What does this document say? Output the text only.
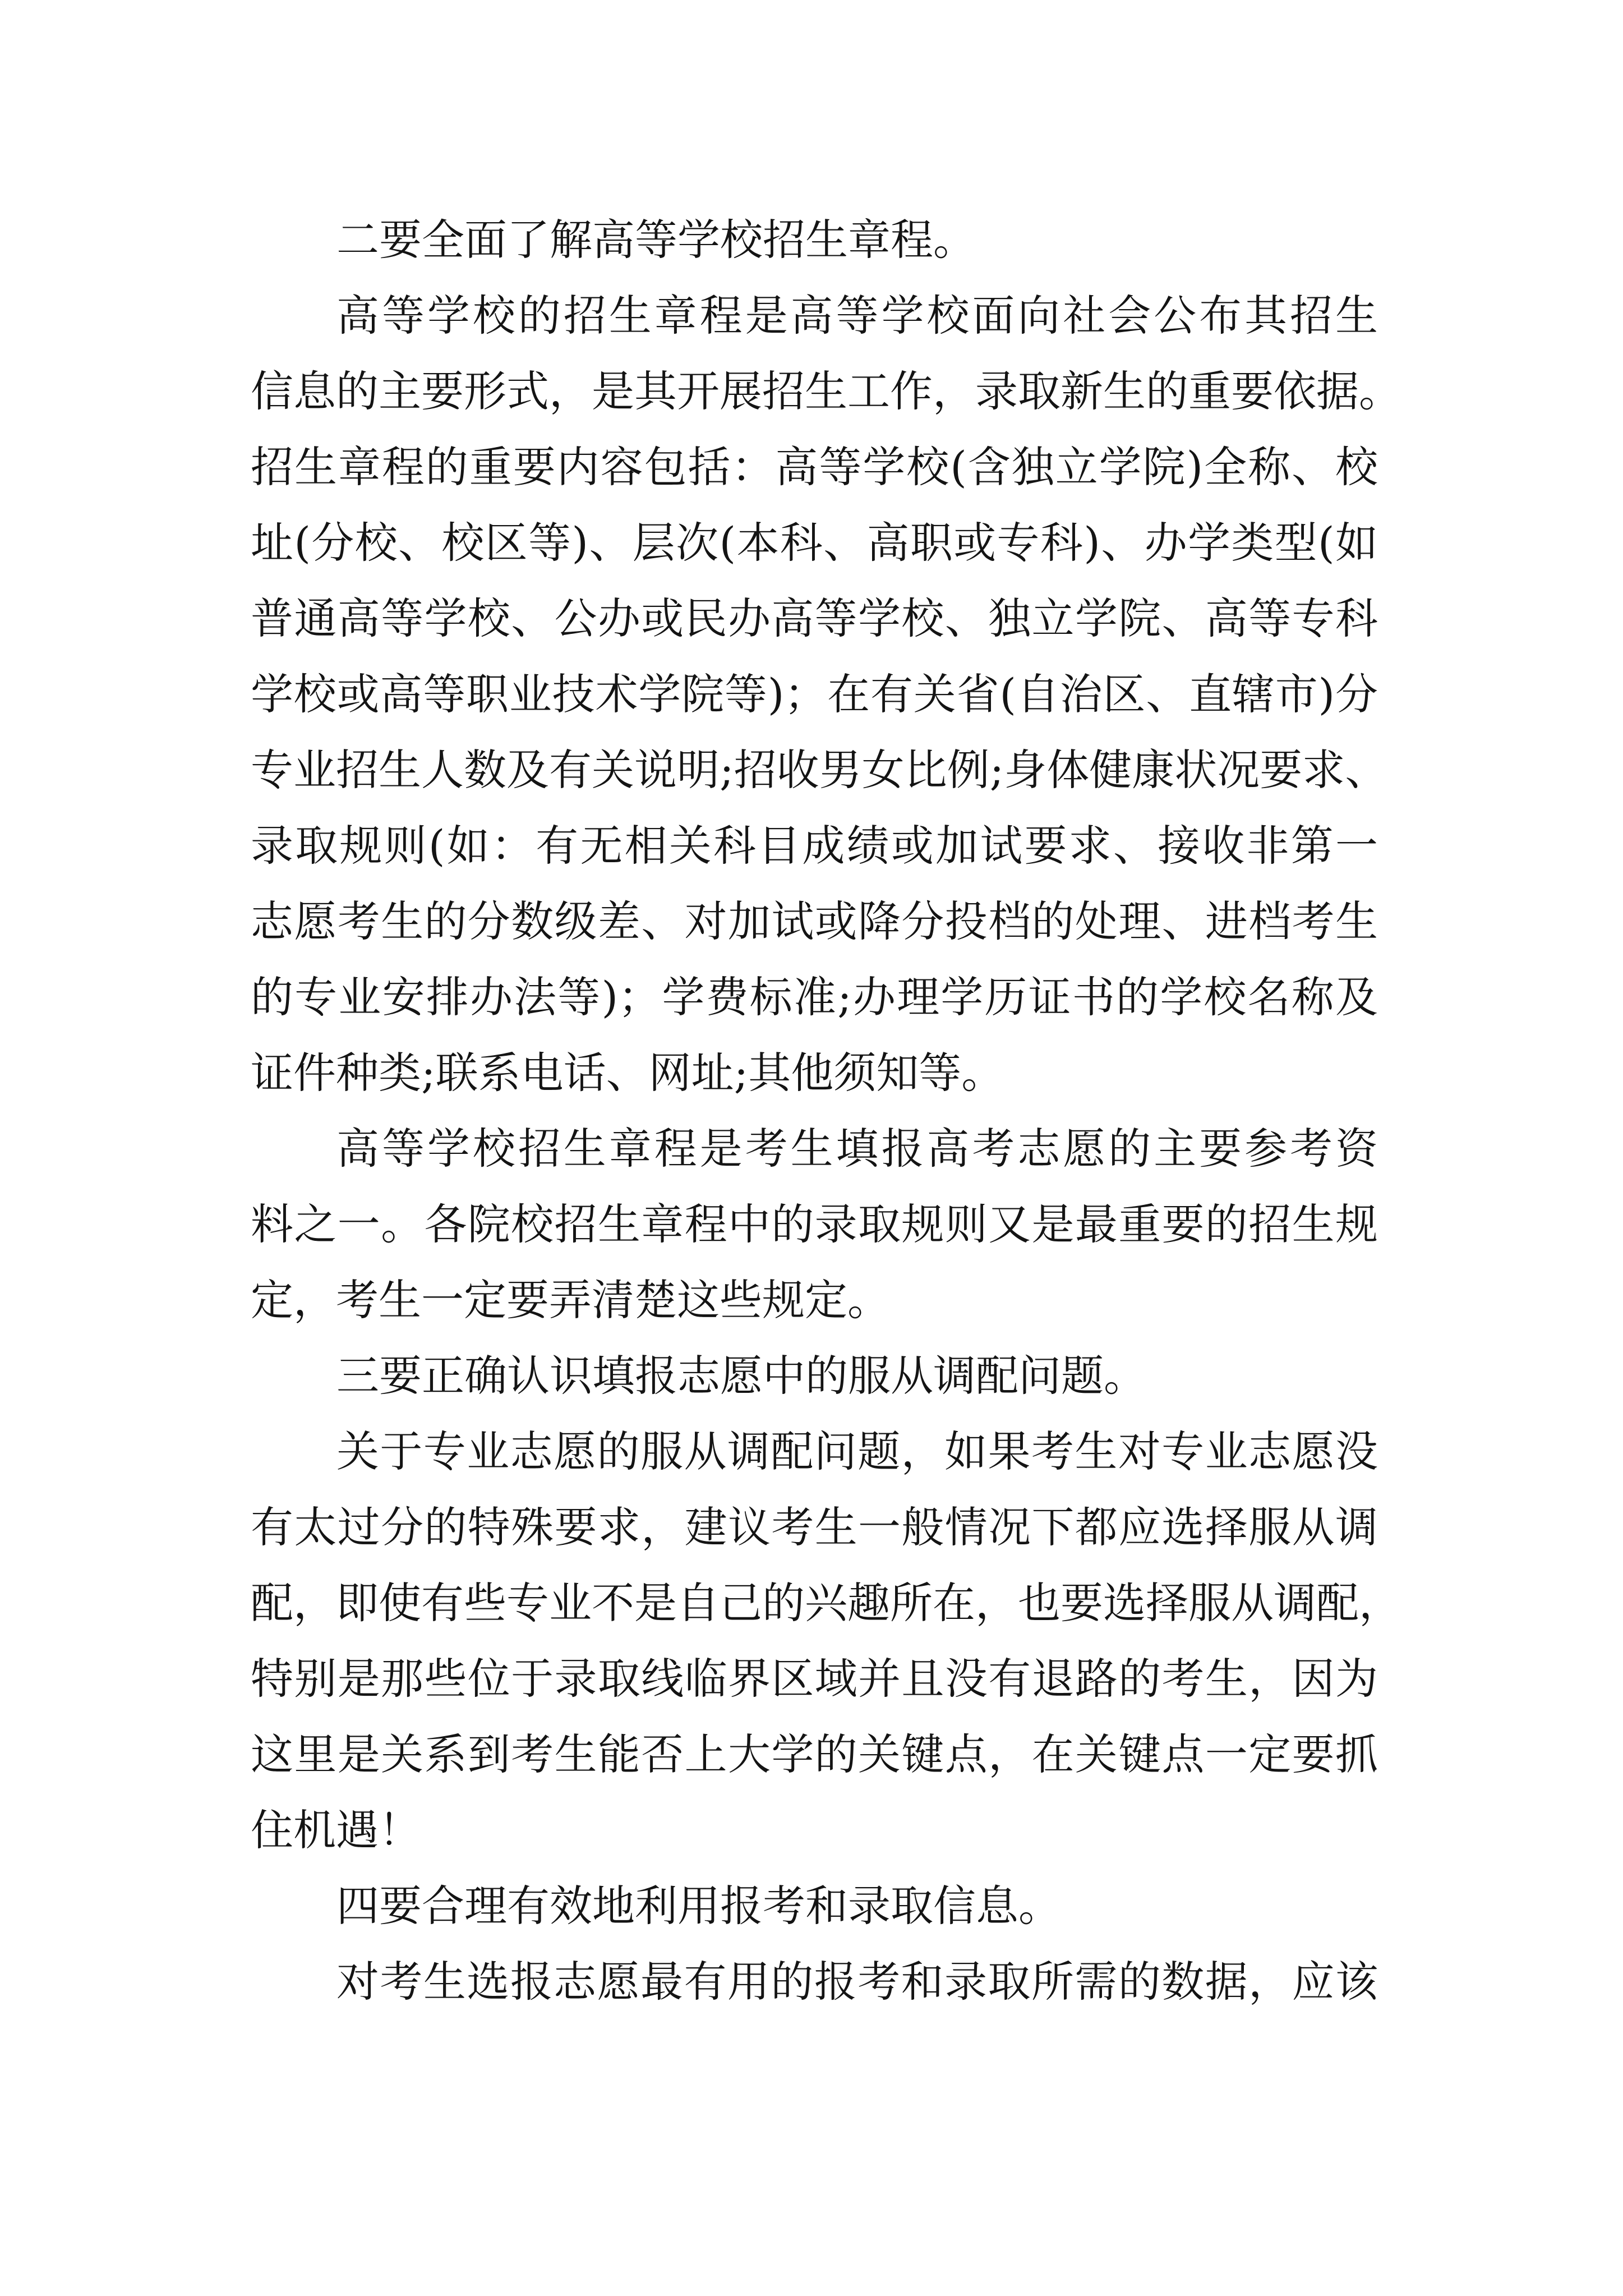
二要全面了解高等学校招生章程。
高等学校的招生章程是高等学校面向社会公布其招生
信息的主要形式，是其开展招生工作，录取新生的重要依据。
招生章程的重要内容包括：高等学校(含独立学院)全称、校
址(分校、校区等)、层次(本科、高职或专科)、办学类型(如
普通高等学校、公办或民办高等学校、独立学院、高等专科
学校或高等职业技术学院等)；在有关省(自治区、直辖市)分
专业招生人数及有关说明;招收男女比例;身体健康状况要求、
录取规则(如：有无相关科目成绩或加试要求、接收非第一
志愿考生的分数级差、对加试或降分投档的处理、进档考生
的专业安排办法等)；学费标准;办理学历证书的学校名称及
证件种类;联系电话、网址;其他须知等。
高等学校招生章程是考生填报高考志愿的主要参考资
料之一。各院校招生章程中的录取规则又是最重要的招生规
定，考生一定要弄清楚这些规定。
三要正确认识填报志愿中的服从调配问题。
关于专业志愿的服从调配问题，如果考生对专业志愿没
有太过分的特殊要求，建议考生一般情况下都应选择服从调
配，即使有些专业不是自己的兴趣所在，也要选择服从调配，
特别是那些位于录取线临界区域并且没有退路的考生，因为
这里是关系到考生能否上大学的关键点，在关键点一定要抓
住机遇！
四要合理有效地利用报考和录取信息。
对考生选报志愿最有用的报考和录取所需的数据，应该
